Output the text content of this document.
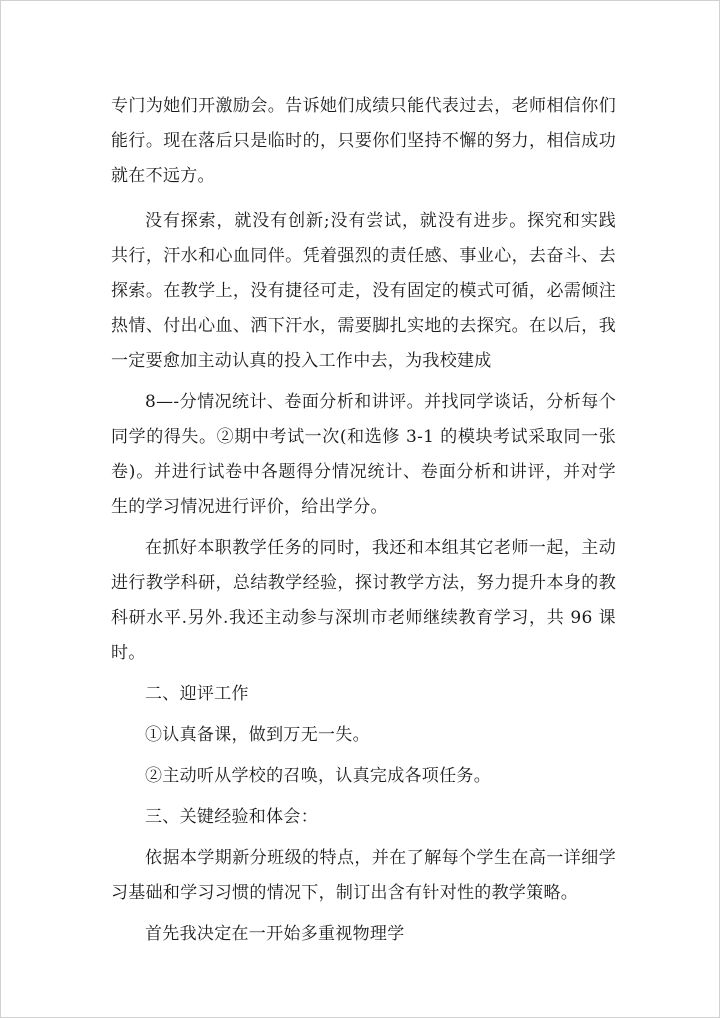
专门为她们开激励会。告诉她们成绩只能代表过去，老师相信你们能行。现在落后只是临时的，只要你们坚持不懈的努力，相信成功就在不远方。

没有探索，就没有创新;没有尝试，就没有进步。探究和实践共行，汗水和心血同伴。凭着强烈的责任感、事业心，去奋斗、去探索。在教学上，没有捷径可走，没有固定的模式可循，必需倾注热情、付出心血、洒下汗水，需要脚扎实地的去探究。在以后，我一定要愈加主动认真的投入工作中去，为我校建成

8—-分情况统计、卷面分析和讲评。并找同学谈话，分析每个同学的得失。②期中考试一次(和选修 3-1 的模块考试采取同一张卷)。并进行试卷中各题得分情况统计、卷面分析和讲评，并对学生的学习情况进行评价，给出学分。

在抓好本职教学任务的同时，我还和本组其它老师一起，主动进行教学科研，总结教学经验，探讨教学方法，努力提升本身的教科研水平.另外.我还主动参与深圳市老师继续教育学习，共 96 课时。

二、迎评工作

①认真备课，做到万无一失。

②主动听从学校的召唤，认真完成各项任务。

三、关键经验和体会：

依据本学期新分班级的特点，并在了解每个学生在高一详细学习基础和学习习惯的情况下，制订出含有针对性的教学策略。

首先我决定在一开始多重视物理学
